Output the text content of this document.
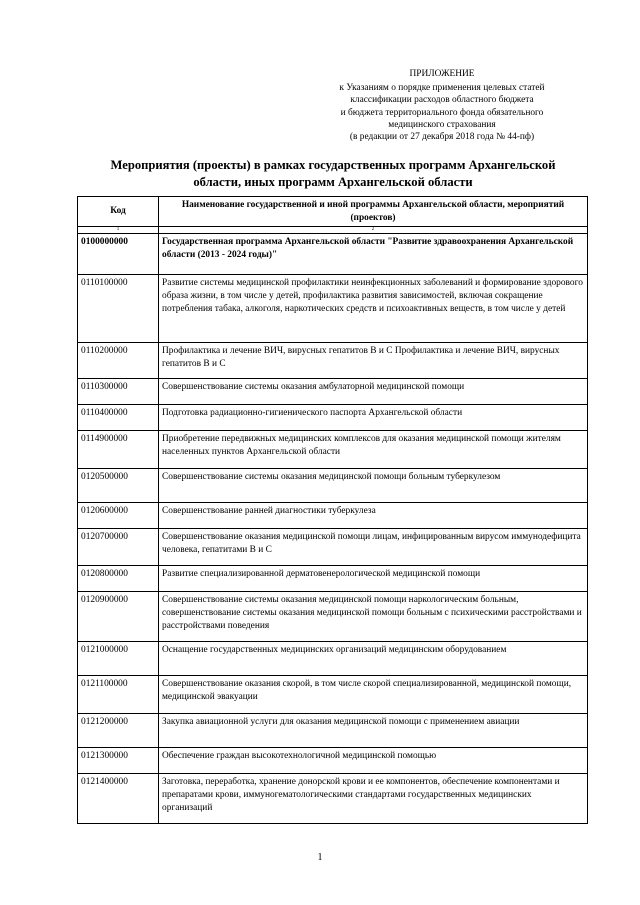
ПРИЛОЖЕНИЕ
к Указаниям о порядке применения целевых статей
классификации расходов областного бюджета
и бюджета территориального фонда обязательного
медицинского страхования
(в редакции от 27 декабря 2018 года № 44-пф)
Мероприятия (проекты) в рамках государственных программ Архангельской
области, иных программ Архангельской области
Код	Наименование государственной и иной программы Архангельской области, мероприятий (проектов)
1	2
0100000000	Государственная программа Архангельской области "Развитие здравоохранения Архангельской области (2013 - 2024 годы)"
0110100000	Развитие системы медицинской профилактики неинфекционных заболеваний и формирование здорового образа жизни, в том числе у детей, профилактика развития зависимостей, включая сокращение потребления табака, алкоголя, наркотических средств и психоактивных веществ, в том числе у детей
0110200000	Профилактика и лечение ВИЧ, вирусных гепатитов B и C Профилактика и лечение ВИЧ, вирусных гепатитов B и C
0110300000	Совершенствование системы оказания амбулаторной медицинской помощи
0110400000	Подготовка радиационно-гигиенического паспорта Архангельской области
0114900000	Приобретение передвижных медицинских комплексов для оказания медицинской помощи жителям населенных пунктов Архангельской области
0120500000	Совершенствование системы оказания медицинской помощи больным туберкулезом
0120600000	Совершенствование ранней диагностики туберкулеза
0120700000	Совершенствование оказания медицинской помощи лицам, инфицированным вирусом иммунодефицита человека, гепатитами B и C
0120800000	Развитие специализированной дерматовенерологической медицинской помощи
0120900000	Совершенствование системы оказания медицинской помощи наркологическим больным, совершенствование системы оказания медицинской помощи больным с психическими расстройствами и расстройствами поведения
0121000000	Оснащение государственных медицинских организаций медицинским оборудованием
0121100000	Совершенствование оказания скорой, в том числе скорой специализированной, медицинской помощи, медицинской эвакуации
0121200000	Закупка авиационной услуги для оказания медицинской помощи с применением авиации
0121300000	Обеспечение граждан высокотехнологичной медицинской помощью
0121400000	Заготовка, переработка, хранение донорской крови и ее компонентов, обеспечение компонентами и препаратами крови, иммуногематологическими стандартами государственных медицинских организаций
1
